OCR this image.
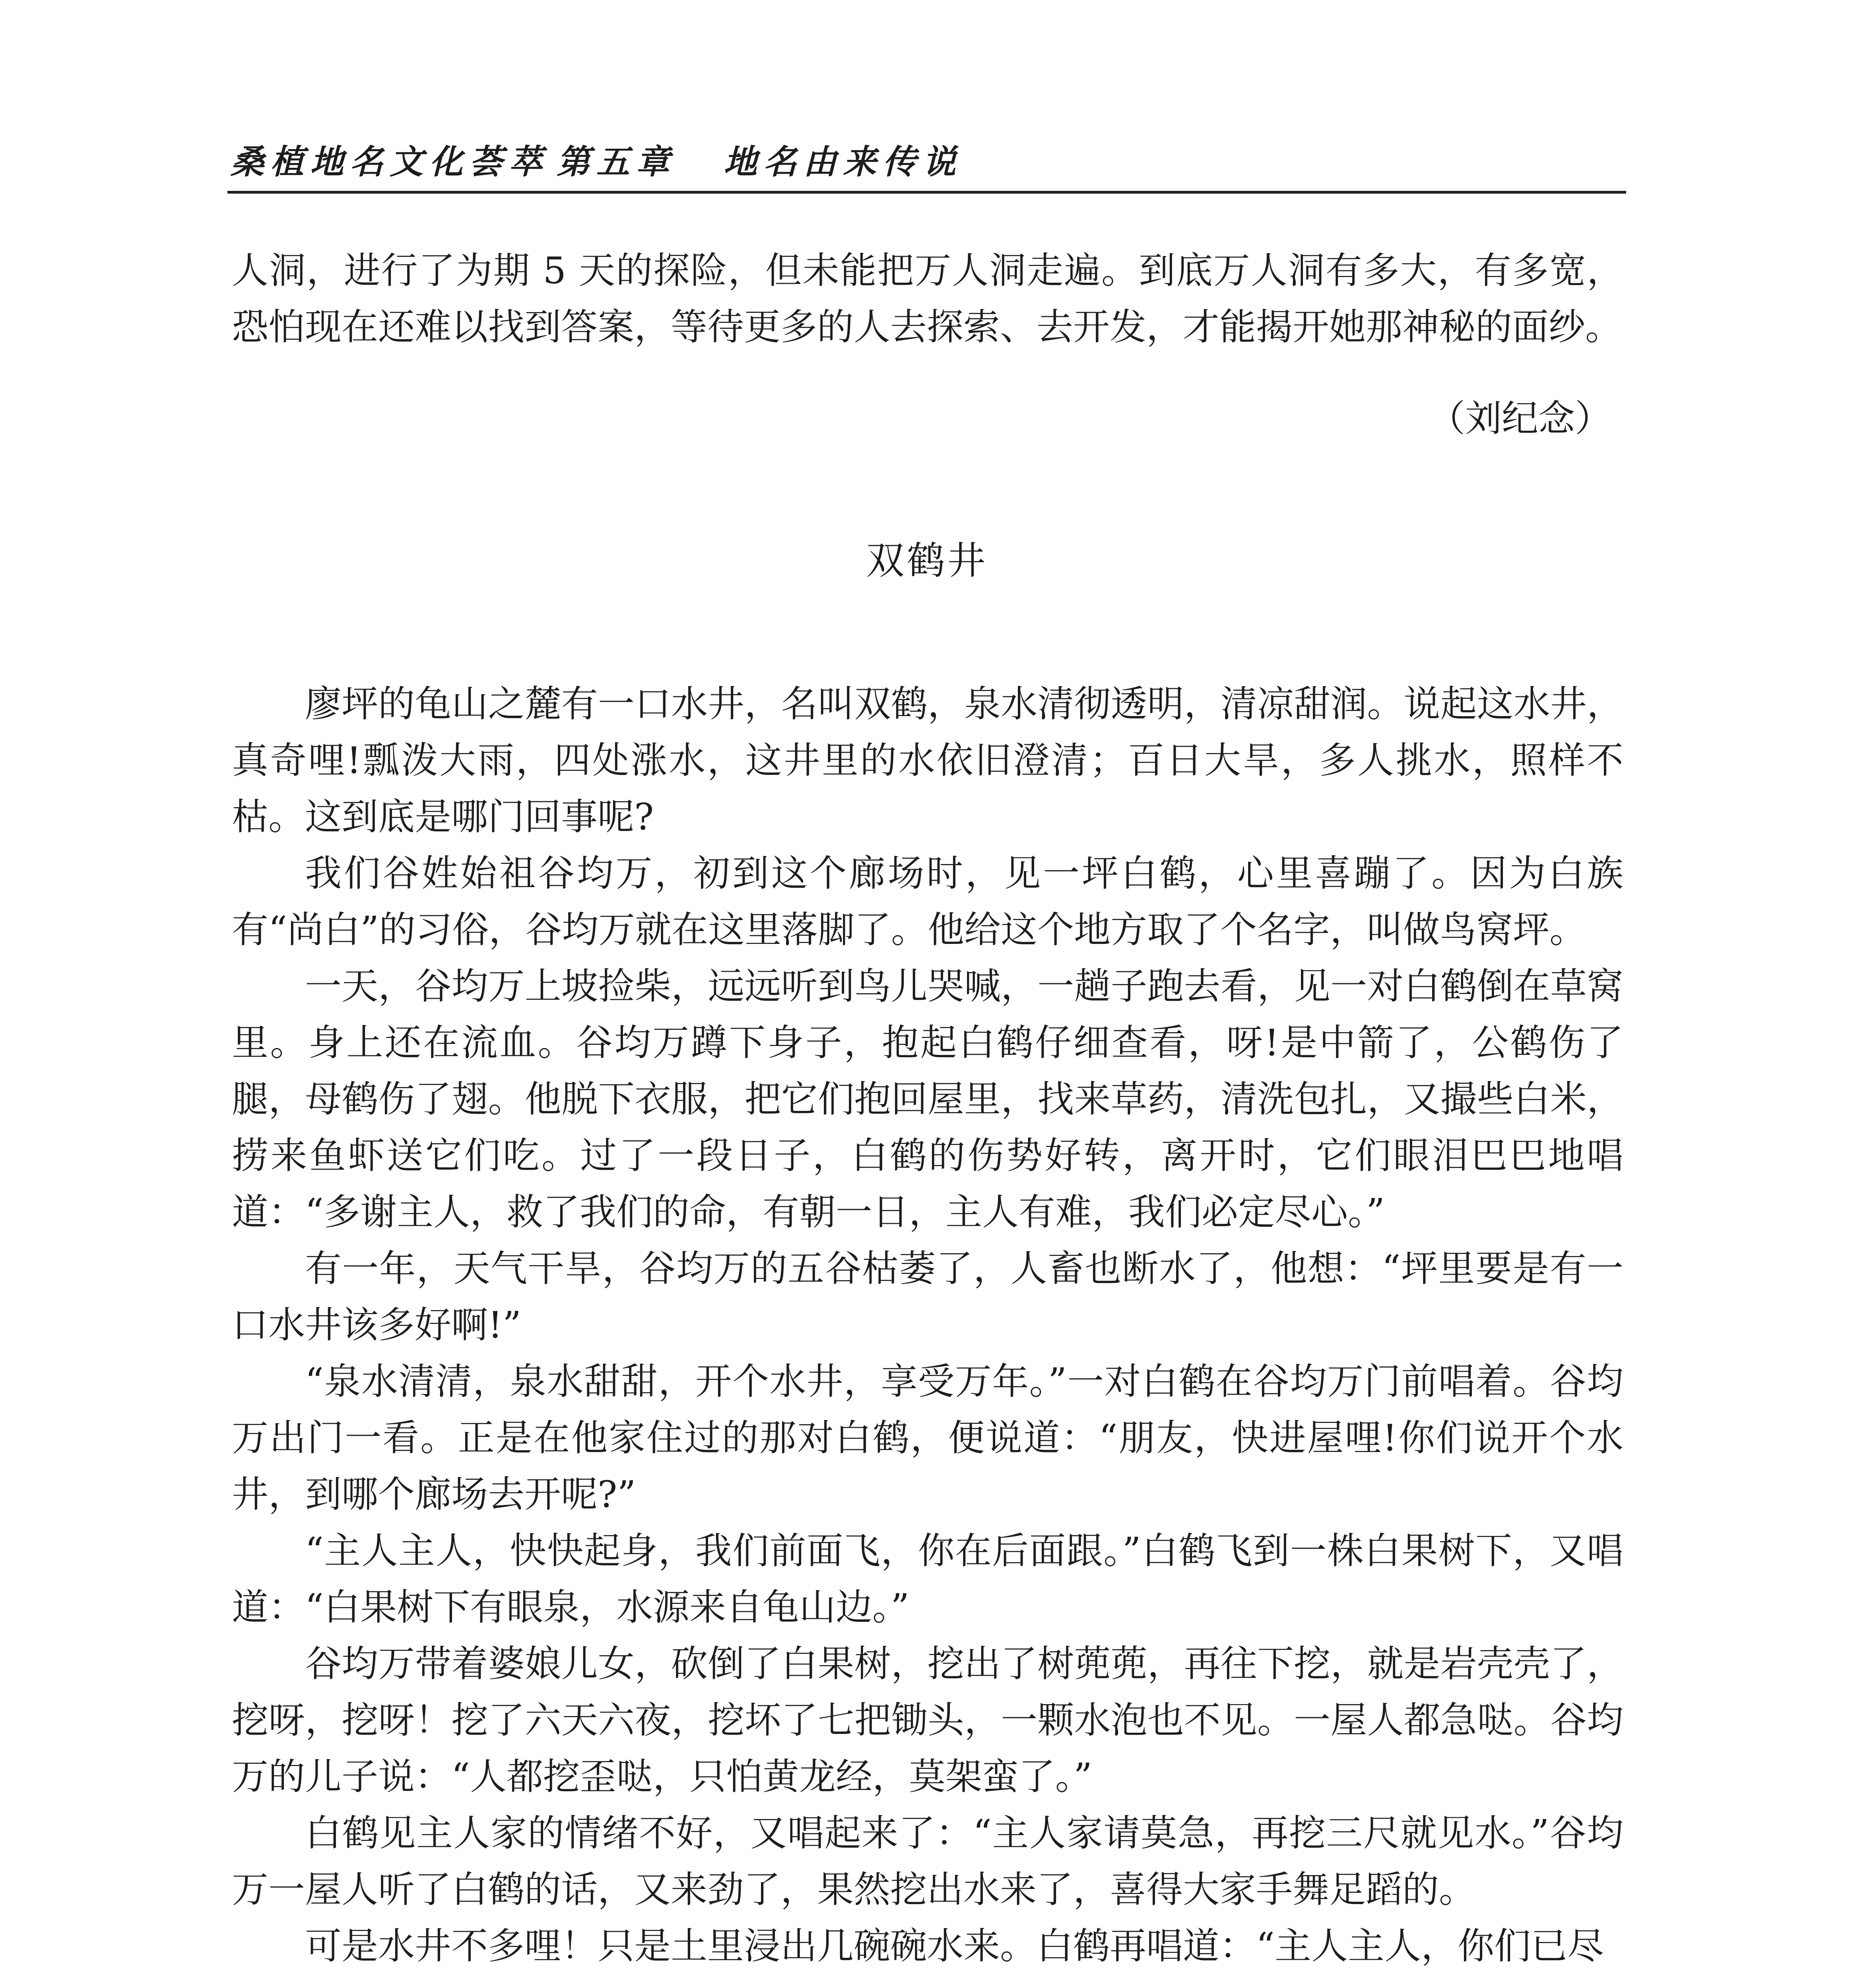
桑植地名文化荟萃 第五章	地名由来传说

人洞，进行了为期 5 天的探险，但未能把万人洞走遍。到底万人洞有多大，有多宽，恐怕现在还难以找到答案，等待更多的人去探索、去开发，才能揭开她那神秘的面纱。

（刘纪念）
双鹤井

廖坪的龟山之麓有一口水井，名叫双鹤，泉水清彻透明，清凉甜润。说起这水井，真奇哩!瓢泼大雨，四处涨水，这井里的水依旧澄清；百日大旱，多人挑水，照样不枯。这到底是哪门回事呢?

我们谷姓始祖谷均万，初到这个廊场时，见一坪白鹤，心里喜蹦了。因为白族有“尚白”的习俗，谷均万就在这里落脚了。他给这个地方取了个名字，叫做鸟窝坪。

一天，谷均万上坡捡柴，远远听到鸟儿哭喊，一趟子跑去看，见一对白鹤倒在草窝里。身上还在流血。谷均万蹲下身子，抱起白鹤仔细查看，呀!是中箭了，公鹤伤了腿，母鹤伤了翅。他脱下衣服，把它们抱回屋里，找来草药，清洗包扎，又撮些白米，捞来鱼虾送它们吃。过了一段日子，白鹤的伤势好转，离开时，它们眼泪巴巴地唱道：“多谢主人，救了我们的命，有朝一日，主人有难，我们必定尽心。”

有一年，天气干旱，谷均万的五谷枯萎了，人畜也断水了，他想：“坪里要是有一口水井该多好啊!”

“泉水清清，泉水甜甜，开个水井，享受万年。”一对白鹤在谷均万门前唱着。谷均万出门一看。正是在他家住过的那对白鹤，便说道：“朋友，快进屋哩!你们说开个水井，到哪个廊场去开呢?”

“主人主人，快快起身，我们前面飞，你在后面跟。”白鹤飞到一株白果树下，又唱道：“白果树下有眼泉，水源来自龟山边。”

谷均万带着婆娘儿女，砍倒了白果树，挖出了树蔸蔸，再往下挖，就是岩壳壳了，挖呀，挖呀！挖了六天六夜，挖坏了七把锄头，一颗水泡也不见。一屋人都急哒。谷均万的儿子说：“人都挖歪哒，只怕黄龙经，莫架蛮了。”

白鹤见主人家的情绪不好，又唱起来了：“主人家请莫急，再挖三尺就见水。”谷均万一屋人听了白鹤的话，又来劲了，果然挖出水来了，喜得大家手舞足蹈的。

可是水井不多哩！只是土里浸出几碗碗水来。白鹤再唱道：“主人主人，你们已尽
